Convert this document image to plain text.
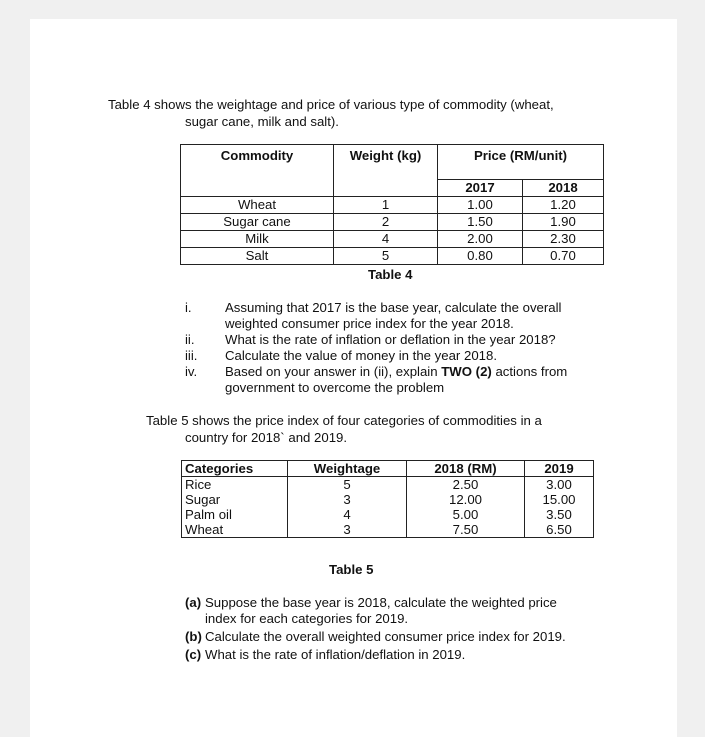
Table 4 shows the weightage and price of various type of commodity (wheat,
sugar cane, milk and salt).
Commodity	Weight (kg)	Price (RM/unit)	

		2017	2018
Wheat	1	1.00	1.20
Sugar cane	2	1.50	1.90
Milk	4	2.00	2.30
Salt	5	0.80	0.70
Table 4
i.	Assuming that 2017 is the base year, calculate the overall
weighted consumer price index for the year 2018.
ii. What is the rate of inflation or deflation in the year 2018?
iii. Calculate the value of money in the year 2018.
iv. Based on your answer in (ii), explain TWO (2) actions from
government to overcome the problem
Table 5 shows the price index of four categories of commodities in a
country for 2018` and 2019.
Categories	Weightage	2018 (RM)	2019
Rice	5	2.50	3.00
Sugar	3	12.00	15.00
Palm oil	4	5.00	3.50
Wheat	3	7.50	6.50
Table 5
(a) Suppose the base year is 2018, calculate the weighted price
index for each categories for 2019.
(b) Calculate the overall weighted consumer price index for 2019.
(c) What is the rate of inflation/deflation in 2019.
